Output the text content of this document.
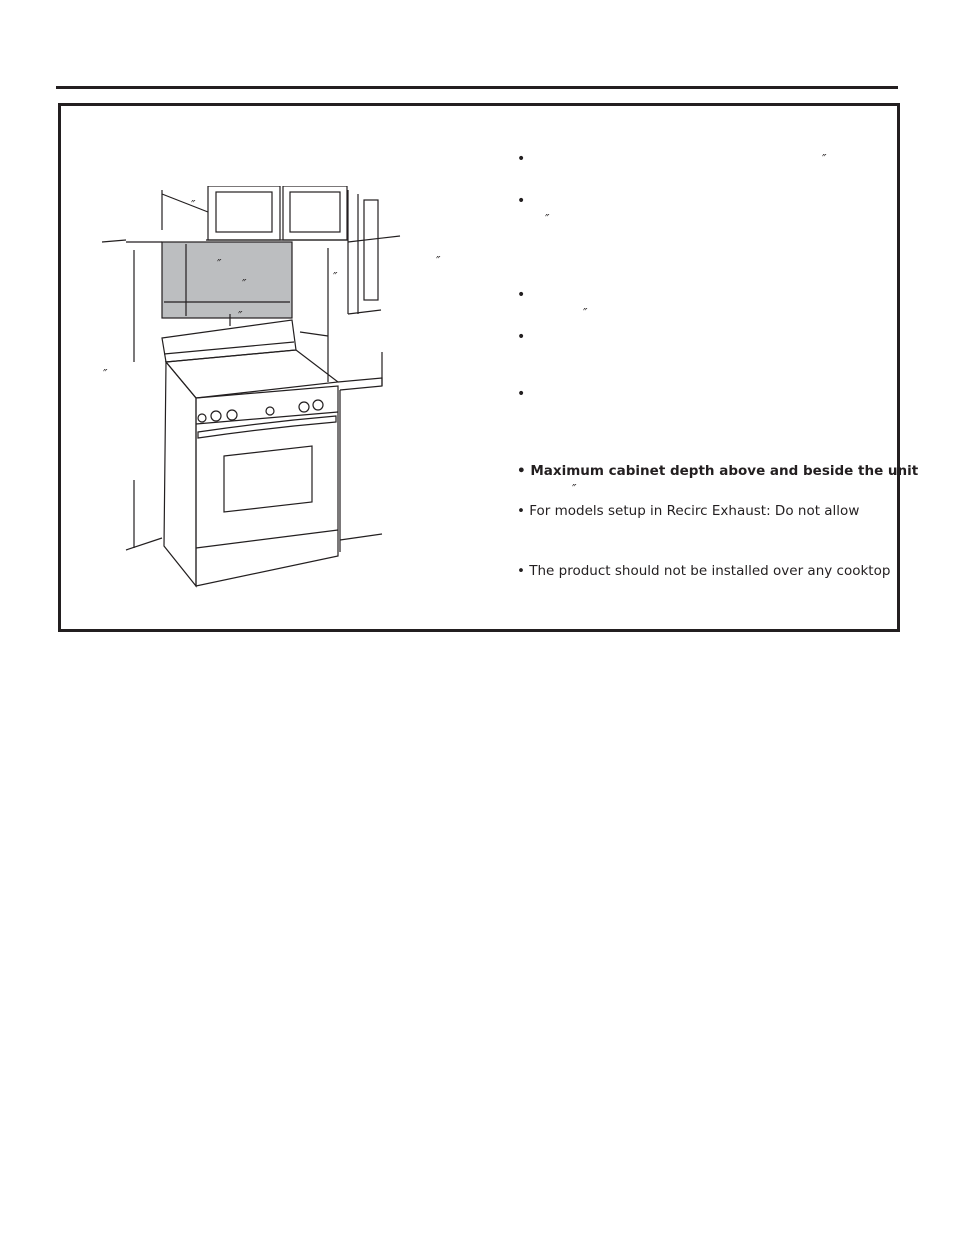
″
″
″
″
″
″
″
•	″
•
″
•
″
•
•
• Maximum cabinet depth above and beside the unit
″
• For models setup in Recirc Exhaust: Do not allow
• The product should not be installed over any cooktop
